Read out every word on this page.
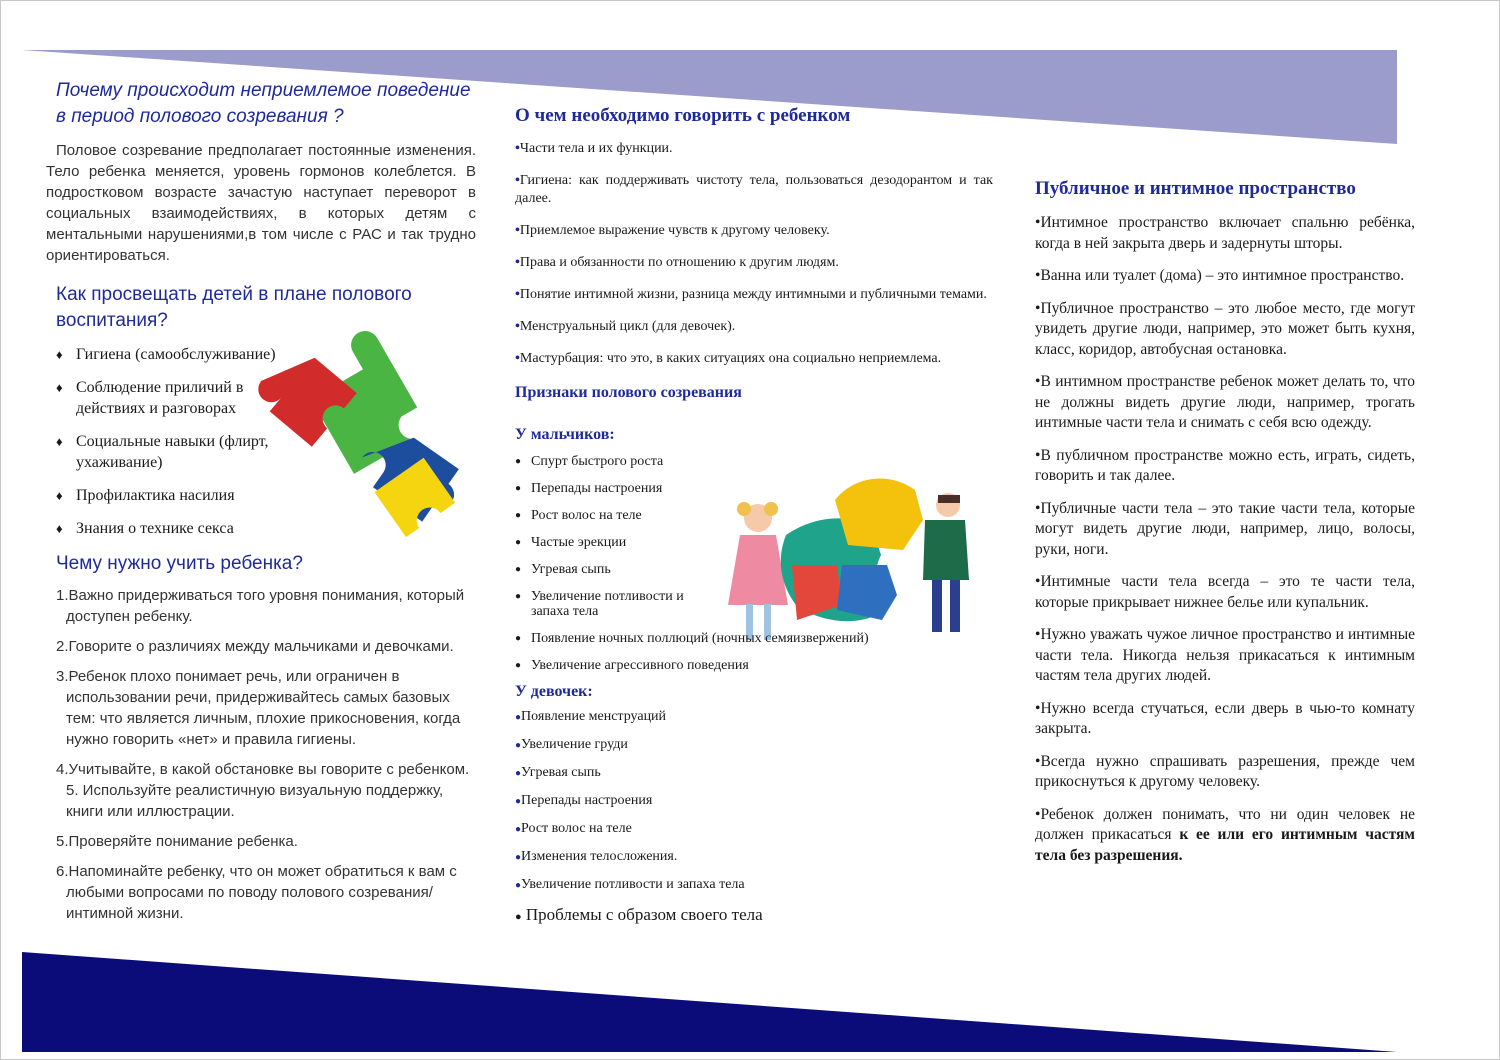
Почему происходит неприемлемое поведение в период полового созревания ?

Половое созревание предполагает постоянные изменения. Тело ребенка меняется, уровень гормонов колеблется. В подростковом возрасте зачастую наступает переворот в социальных взаимодействиях, в которых детям с ментальными нарушениями,в том числе с РАС и так трудно ориентироваться.

Как просвещать детей в плане полового воспитания?
♦ Гигиена (самообслуживание)
♦ Соблюдение приличий в действиях и разговорах
♦ Социальные навыки (флирт, ухаживание)
♦ Профилактика насилия
♦ Знания о технике секса
Чему нужно учить ребенка?
1.Важно придерживаться того уровня понимания, который доступен ребенку.
2.Говорите о различиях между мальчиками и девочками.
3.Ребенок плохо понимает речь, или ограничен в использовании речи, придерживайтесь самых базовых тем: что является личным, плохие прикосновения, когда нужно говорить «нет» и правила гигиены.
4.Учитывайте, в какой обстановке вы говорите с ребенком. 5. Используйте реалистичную визуальную поддержку, книги или иллюстрации.
5.Проверяйте понимание ребенка.
6.Напоминайте ребенку, что он может обратиться к вам с любыми вопросами по поводу полового созревания/интимной жизни.
О чем необходимо говорить с ребенком
•Части тела и их функции.
•Гигиена: как поддерживать чистоту тела, пользоваться дезодорантом и так далее.
•Приемлемое выражение чувств к другому человеку.
•Права и обязанности по отношению к другим людям.
•Понятие интимной жизни, разница между интимными и публичными темами.
•Менструальный цикл (для девочек).
•Мастурбация: что это, в каких ситуациях она социально неприемлема.
Признаки полового созревания
У мальчиков:
● Спурт быстрого роста
● Перепады настроения
● Рост волос на теле
● Частые эрекции
● Угревая сыпь
● Увеличение потливости и запаха тела
● Появление ночных поллюций (ночных семяизвержений)
● Увеличение агрессивного поведения
У девочек:
●Появление менструаций
●Увеличение груди
●Угревая сыпь
●Перепады настроения
●Рост волос на теле
●Изменения телосложения.
●Увеличение потливости и запаха тела
● Проблемы с образом своего тела
Публичное и интимное пространство
•Интимное пространство включает спальню ребёнка, когда в ней закрыта дверь и задернуты шторы.
•Ванна или туалет (дома) – это интимное пространство.
•Публичное пространство – это любое место, где могут увидеть другие люди, например, это может быть кухня, класс, коридор, автобусная остановка.
•В интимном пространстве ребенок может делать то, что не должны видеть другие люди, например, трогать интимные части тела и снимать с себя всю одежду.
•В публичном пространстве можно есть, играть, сидеть, говорить и так далее.
•Публичные части тела – это такие части тела, которые могут видеть другие люди, например, лицо, волосы, руки, ноги.
•Интимные части тела всегда – это те части тела, которые прикрывает нижнее белье или купальник.
•Нужно уважать чужое личное пространство и интимные части тела. Никогда нельзя прикасаться к интимным частям тела других людей.
•Нужно всегда стучаться, если дверь в чью-то комнату закрыта.
•Всегда нужно спрашивать разрешения, прежде чем прикоснуться к другому человеку.
•Ребенок должен понимать, что ни один человек не должен прикасаться к ее или его интимным частям тела без разрешения.
